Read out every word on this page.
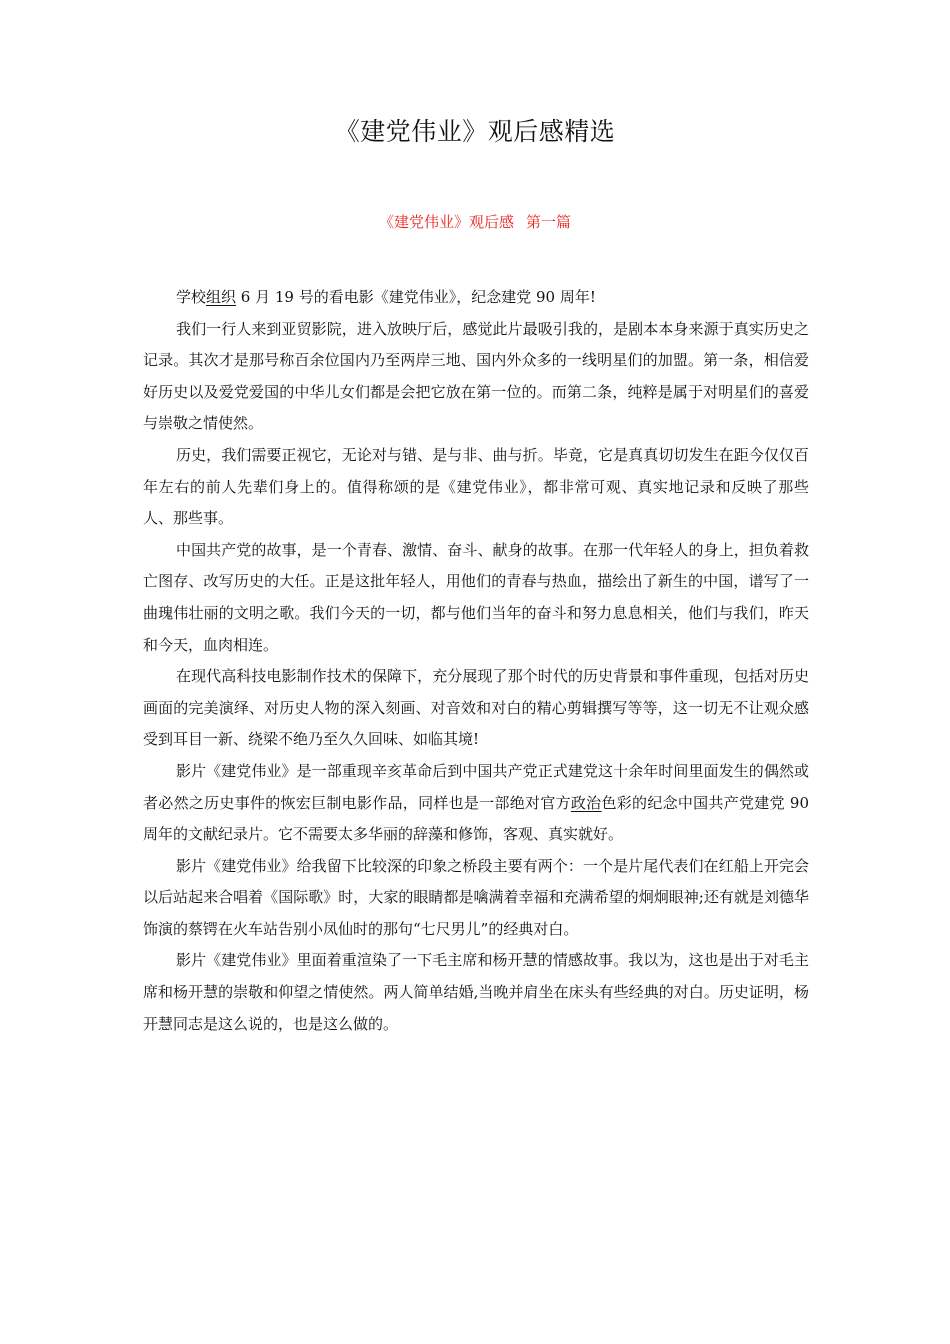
《建党伟业》观后感精选
《建党伟业》观后感 第一篇

学校组织 6 月 19 号的看电影《建党伟业》，纪念建党 90 周年!

我们一行人来到亚贸影院，进入放映厅后，感觉此片最吸引我的，是剧本本身来源于真实历史之记录。其次才是那号称百余位国内乃至两岸三地、国内外众多的一线明星们的加盟。第一条，相信爱好历史以及爱党爱国的中华儿女们都是会把它放在第一位的。而第二条，纯粹是属于对明星们的喜爱与崇敬之情使然。

历史，我们需要正视它，无论对与错、是与非、曲与折。毕竟，它是真真切切发生在距今仅仅百年左右的前人先辈们身上的。值得称颂的是《建党伟业》，都非常可观、真实地记录和反映了那些人、那些事。

中国共产党的故事，是一个青春、激情、奋斗、献身的故事。在那一代年轻人的身上，担负着救亡图存、改写历史的大任。正是这批年轻人，用他们的青春与热血，描绘出了新生的中国，谱写了一曲瑰伟壮丽的文明之歌。我们今天的一切，都与他们当年的奋斗和努力息息相关，他们与我们，昨天和今天，血肉相连。

在现代高科技电影制作技术的保障下，充分展现了那个时代的历史背景和事件重现，包括对历史画面的完美演绎、对历史人物的深入刻画、对音效和对白的精心剪辑撰写等等，这一切无不让观众感受到耳目一新、绕梁不绝乃至久久回味、如临其境!

影片《建党伟业》是一部重现辛亥革命后到中国共产党正式建党这十余年时间里面发生的偶然或者必然之历史事件的恢宏巨制电影作品，同样也是一部绝对官方政治色彩的纪念中国共产党建党 90 周年的文献纪录片。它不需要太多华丽的辞藻和修饰，客观、真实就好。

影片《建党伟业》给我留下比较深的印象之桥段主要有两个：一个是片尾代表们在红船上开完会以后站起来合唱着《国际歌》时，大家的眼睛都是噙满着幸福和充满希望的炯炯眼神;还有就是刘德华饰演的蔡锷在火车站告别小凤仙时的那句“七尺男儿”的经典对白。

影片《建党伟业》里面着重渲染了一下毛主席和杨开慧的情感故事。我以为，这也是出于对毛主席和杨开慧的崇敬和仰望之情使然。两人简单结婚,当晚并肩坐在床头有些经典的对白。历史证明，杨开慧同志是这么说的，也是这么做的。
